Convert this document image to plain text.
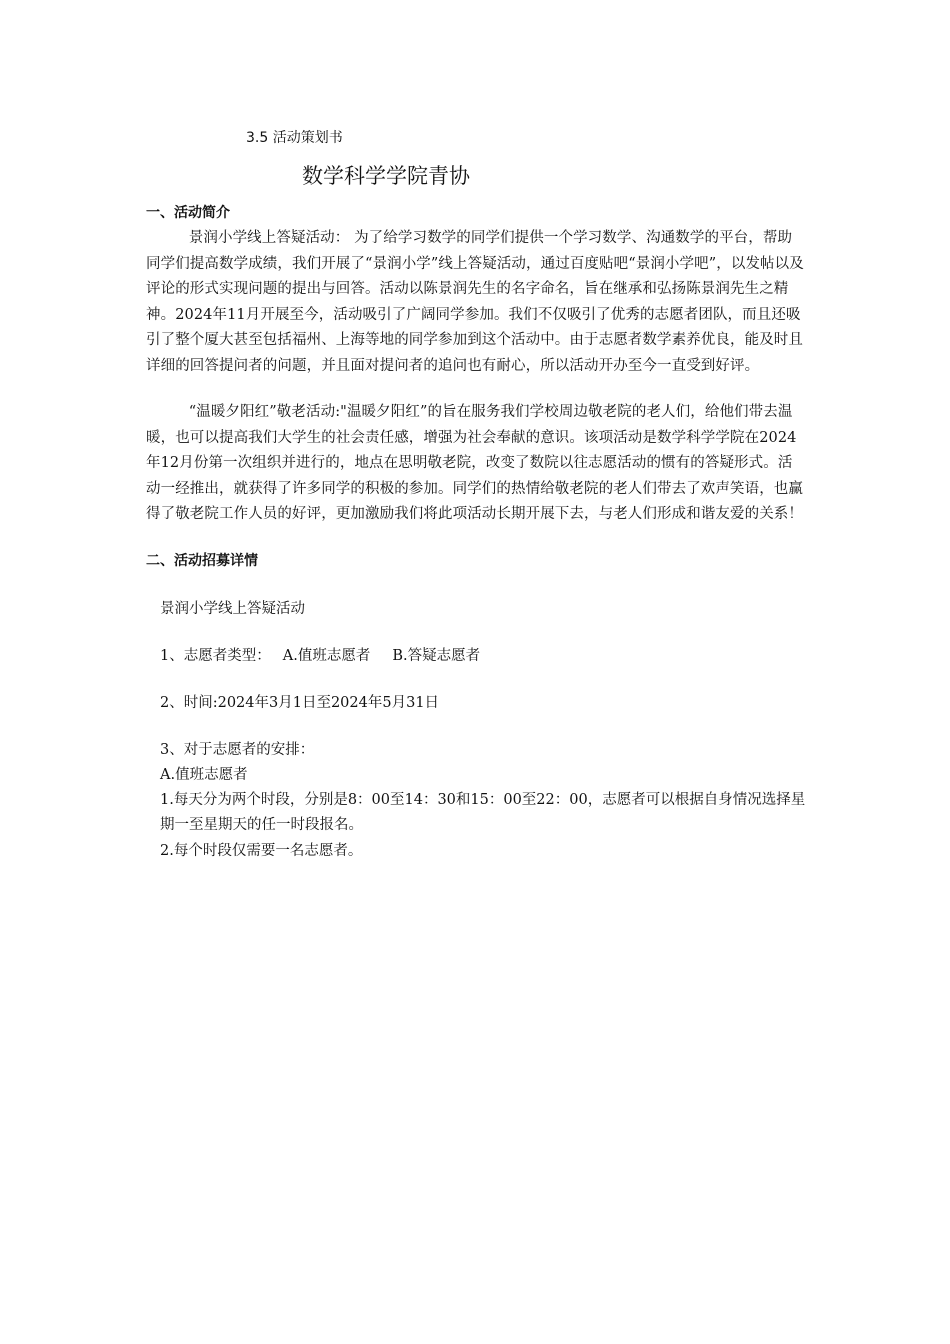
3.5 活动策划书
数学科学学院青协
一、活动简介

景润小学线上答疑活动： 为了给学习数学的同学们提供一个学习数学、沟通数学的平台，帮助同学们提高数学成绩，我们开展了“景润小学”线上答疑活动，通过百度贴吧“景润小学吧”，以发帖以及评论的形式实现问题的提出与回答。活动以陈景润先生的名字命名，旨在继承和弘扬陈景润先生之精神。2024年11月开展至今，活动吸引了广阔同学参加。我们不仅吸引了优秀的志愿者团队，而且还吸引了整个厦大甚至包括福州、上海等地的同学参加到这个活动中。由于志愿者数学素养优良，能及时且详细的回答提问者的问题，并且面对提问者的追问也有耐心，所以活动开办至今一直受到好评。

“温暖夕阳红”敬老活动:"温暖夕阳红”的旨在服务我们学校周边敬老院的老人们，给他们带去温暖，也可以提高我们大学生的社会责任感，增强为社会奉献的意识。该项活动是数学科学学院在2024年12月份第一次组织并进行的，地点在思明敬老院，改变了数院以往志愿活动的惯有的答疑形式。活动一经推出，就获得了许多同学的积极的参加。同学们的热情给敬老院的老人们带去了欢声笑语，也赢得了敬老院工作人员的好评，更加激励我们将此项活动长期开展下去，与老人们形成和谐友爱的关系！

二、活动招募详情

景润小学线上答疑活动

1、志愿者类型： A.值班志愿者 B.答疑志愿者

2、时间:2024年3月1日至2024年5月31日

3、对于志愿者的安排：

A.值班志愿者

1.每天分为两个时段，分别是8：00至14：30和15：00至22：00，志愿者可以根据自身情况选择星期一至星期天的任一时段报名。

2.每个时段仅需要一名志愿者。
